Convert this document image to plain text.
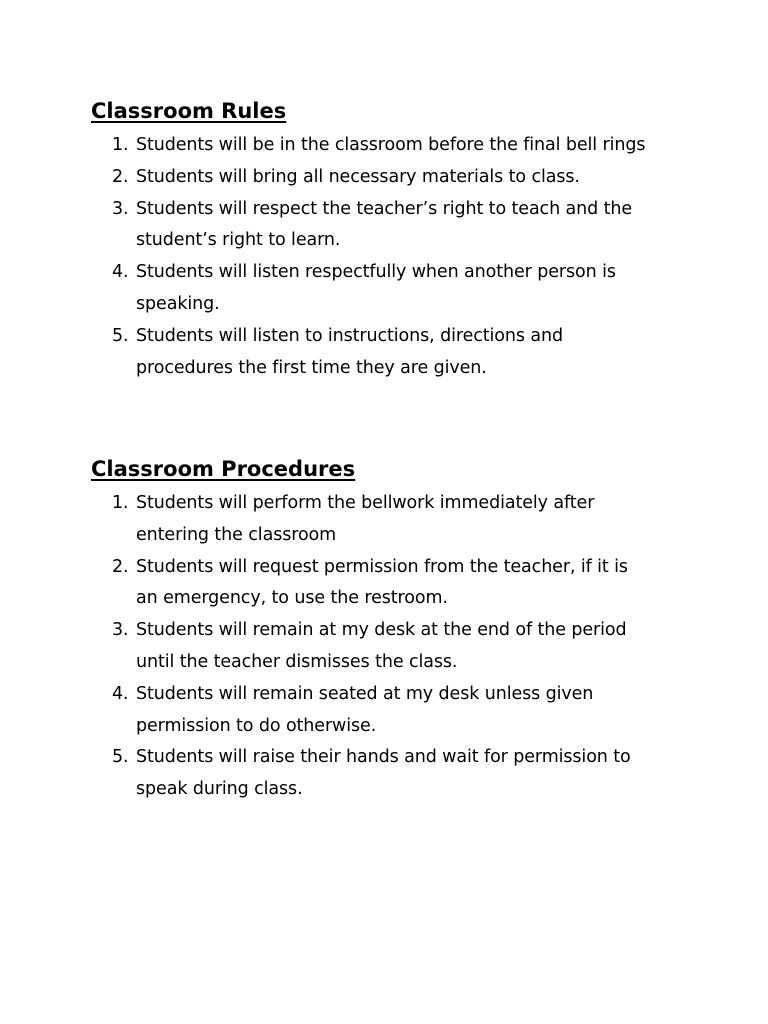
Classroom Rules
1. Students will be in the classroom before the final bell rings
2. Students will bring all necessary materials to class.
3. Students will respect the teacher’s right to teach and the
student’s right to learn.
4. Students will listen respectfully when another person is
speaking.
5. Students will listen to instructions, directions and
procedures the first time they are given.
Classroom Procedures
1. Students will perform the bellwork immediately after
entering the classroom
2. Students will request permission from the teacher, if it is
an emergency, to use the restroom.
3. Students will remain at my desk at the end of the period
until the teacher dismisses the class.
4. Students will remain seated at my desk unless given
permission to do otherwise.
5. Students will raise their hands and wait for permission to
speak during class.
